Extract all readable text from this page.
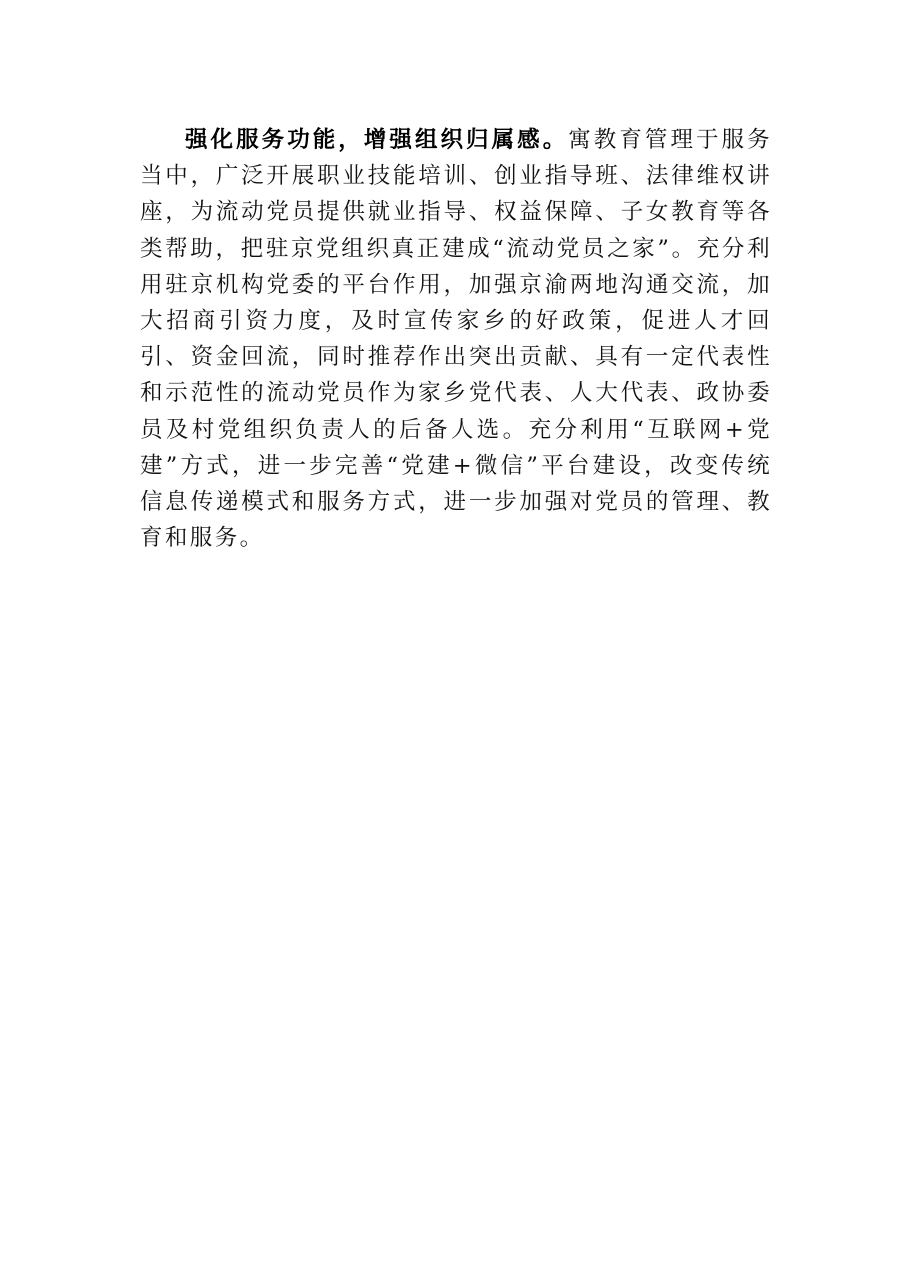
强化服务功能，增强组织归属感。寓教育管理于服务当中，广泛开展职业技能培训、创业指导班、法律维权讲座，为流动党员提供就业指导、权益保障、子女教育等各类帮助，把驻京党组织真正建成“流动党员之家”。充分利用驻京机构党委的平台作用，加强京渝两地沟通交流，加大招商引资力度，及时宣传家乡的好政策，促进人才回引、资金回流，同时推荐作出突出贡献、具有一定代表性和示范性的流动党员作为家乡党代表、人大代表、政协委员及村党组织负责人的后备人选。充分利用“互联网+党建”方式，进一步完善“党建+微信”平台建设，改变传统信息传递模式和服务方式，进一步加强对党员的管理、教育和服务。
